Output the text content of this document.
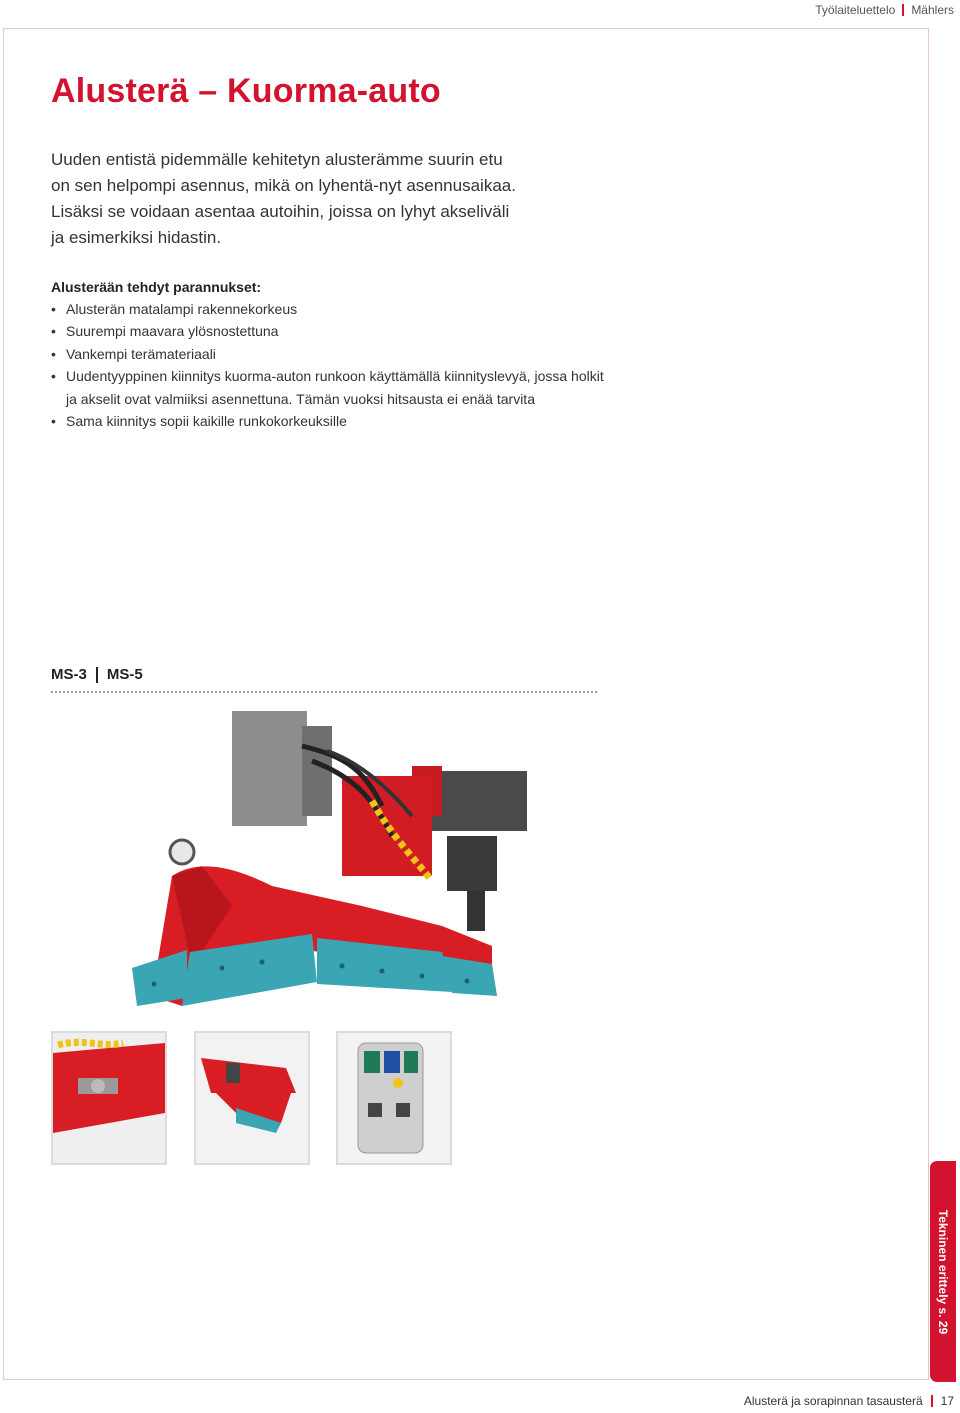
Työlaiteluettelo Mählers
Alusterä – Kuorma-auto

Uuden entistä pidemmälle kehitetyn alusterämme suurin etu on sen helpompi asennus, mikä on lyhentä-nyt asennusaikaa. Lisäksi se voidaan asentaa autoihin, joissa on lyhyt akseliväli ja esimerkiksi hidastin.

Alusterään tehdyt parannukset:
• Alusterän matalampi rakennekorkeus
• Suurempi maavara ylösnostettuna
• Vankempi terämateriaali
• Uudentyyppinen kiinnitys kuorma-auton runkoon käyttämällä kiinnityslevyä, jossa holkit ja akselit ovat valmiiksi asennettuna. Tämän vuoksi hitsausta ei enää tarvita
• Sama kiinnitys sopii kaikille runkokorkeuksille
MS-3 MS-5
Tekninen erittely s. 29
Alusterä ja sorapinnan tasausterä 17
